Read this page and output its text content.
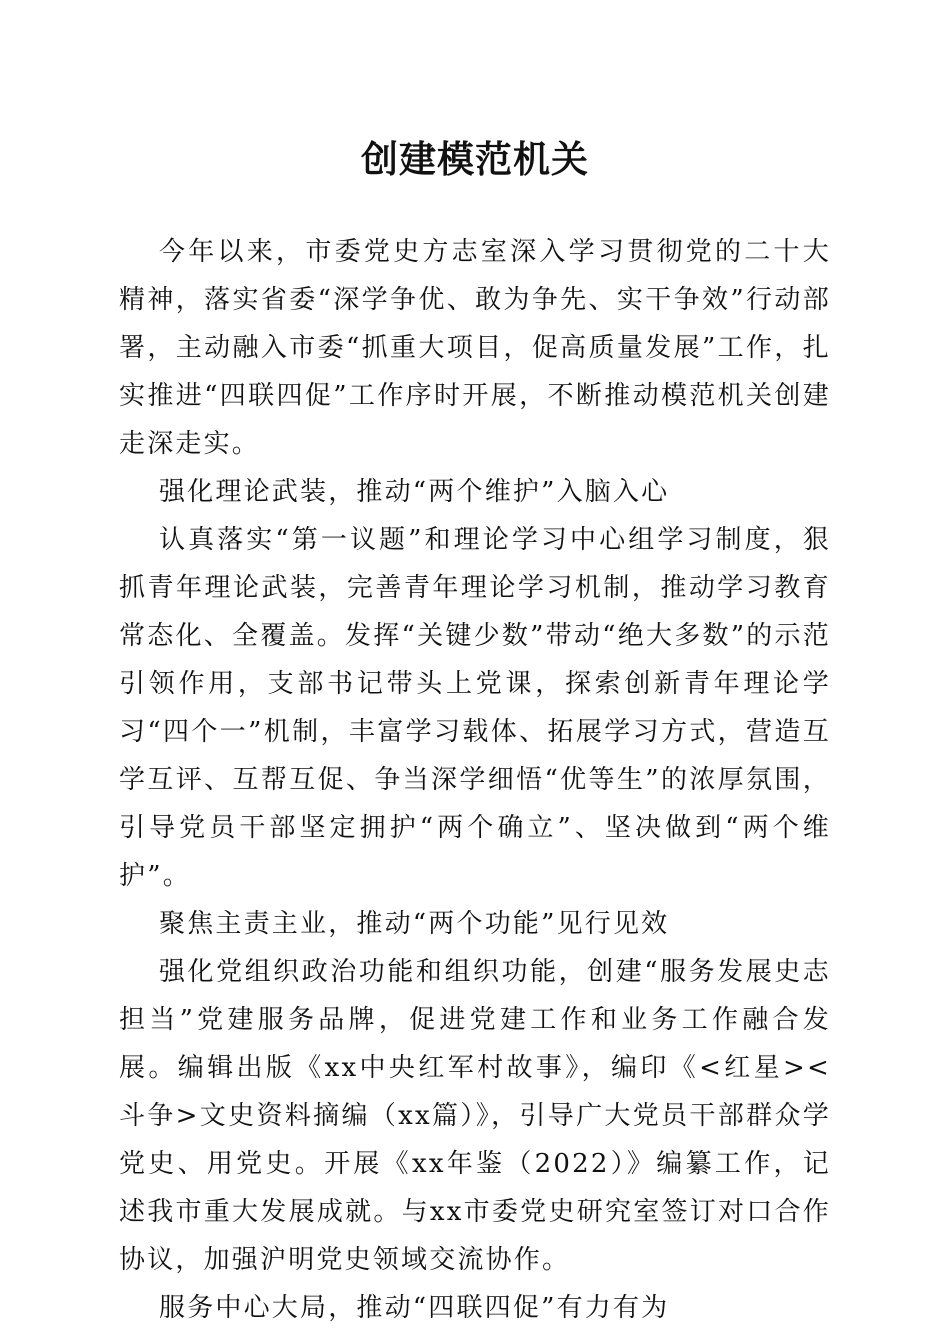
创建模范机关

今年以来，市委党史方志室深入学习贯彻党的二十大精神，落实省委“深学争优、敢为争先、实干争效”行动部署，主动融入市委“抓重大项目，促高质量发展”工作，扎实推进“四联四促”工作序时开展，不断推动模范机关创建走深走实。

强化理论武装，推动“两个维护”入脑入心

认真落实“第一议题”和理论学习中心组学习制度，狠抓青年理论武装，完善青年理论学习机制，推动学习教育常态化、全覆盖。发挥“关键少数”带动“绝大多数”的示范引领作用，支部书记带头上党课，探索创新青年理论学习“四个一”机制，丰富学习载体、拓展学习方式，营造互学互评、互帮互促、争当深学细悟“优等生”的浓厚氛围，引导党员干部坚定拥护“两个确立”、坚决做到“两个维护”。

聚焦主责主业，推动“两个功能”见行见效

强化党组织政治功能和组织功能，创建“服务发展史志担当”党建服务品牌，促进党建工作和业务工作融合发展。编辑出版《xx中央红军村故事》，编印《<红星><斗争>文史资料摘编（xx篇）》，引导广大党员干部群众学党史、用党史。开展《xx年鉴（2022）》编纂工作，记述我市重大发展成就。与xx市委党史研究室签订对口合作协议，加强沪明党史领域交流协作。

服务中心大局，推动“四联四促”有力有为
